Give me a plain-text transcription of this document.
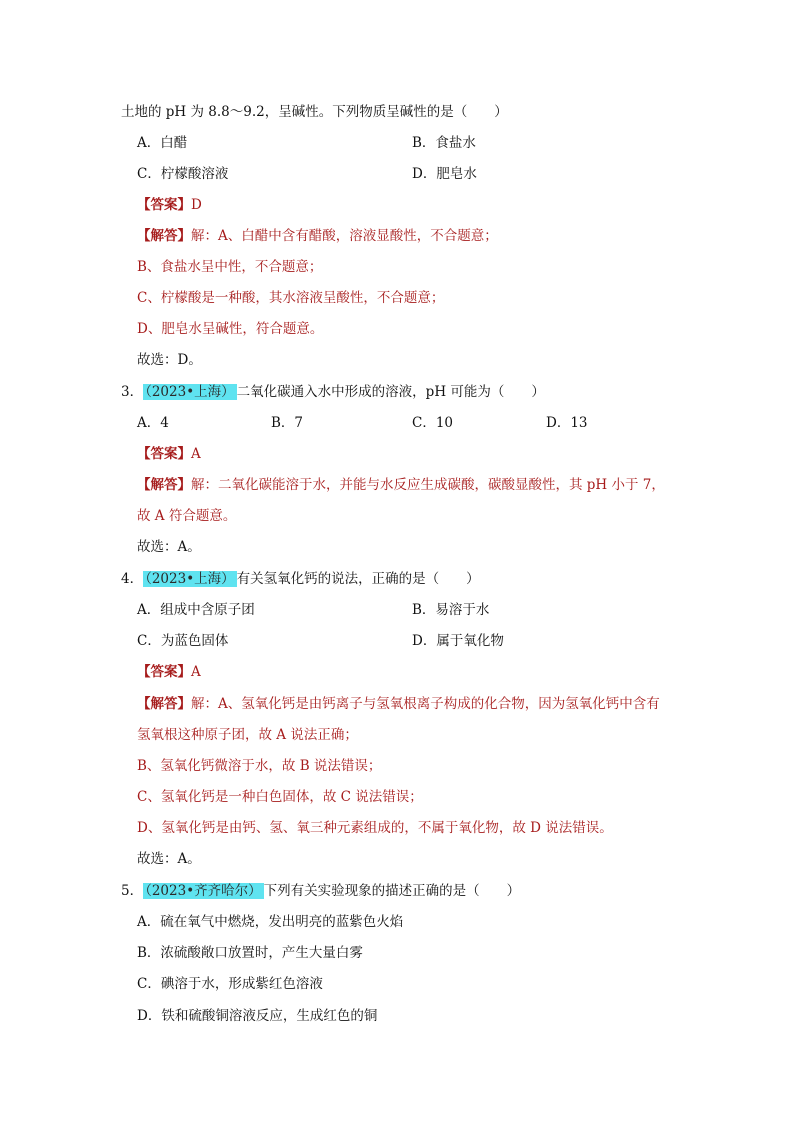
土地的 pH 为 8.8～9.2，呈碱性。下列物质呈碱性的是（　　）
A．白醋	B．食盐水
C．柠檬酸溶液	D．肥皂水
【答案】D
【解答】解：A、白醋中含有醋酸，溶液显酸性，不合题意；
B、食盐水呈中性，不合题意；
C、柠檬酸是一种酸，其水溶液呈酸性，不合题意；
D、肥皂水呈碱性，符合题意。
故选：D。
3． （2023•上海） 二氧化碳通入水中形成的溶液，pH 可能为（　　）
A．4	B．7	C．10	D．13
【答案】A
【解答】解：二氧化碳能溶于水，并能与水反应生成碳酸，碳酸显酸性，其 pH 小于 7，
故 A 符合题意。
故选：A。
4． （2023•上海） 有关氢氧化钙的说法，正确的是（　　）
A．组成中含原子团	B．易溶于水
C．为蓝色固体	D．属于氧化物
【答案】A
【解答】解：A、氢氧化钙是由钙离子与氢氧根离子构成的化合物，因为氢氧化钙中含有
氢氧根这种原子团，故 A 说法正确；
B、氢氧化钙微溶于水，故 B 说法错误；
C、氢氧化钙是一种白色固体，故 C 说法错误；
D、氢氧化钙是由钙、氢、氧三种元素组成的，不属于氧化物，故 D 说法错误。
故选：A。
5． （2023•齐齐哈尔） 下列有关实验现象的描述正确的是（　　）
A．硫在氧气中燃烧，发出明亮的蓝紫色火焰
B．浓硫酸敞口放置时，产生大量白雾
C．碘溶于水，形成紫红色溶液
D．铁和硫酸铜溶液反应，生成红色的铜
